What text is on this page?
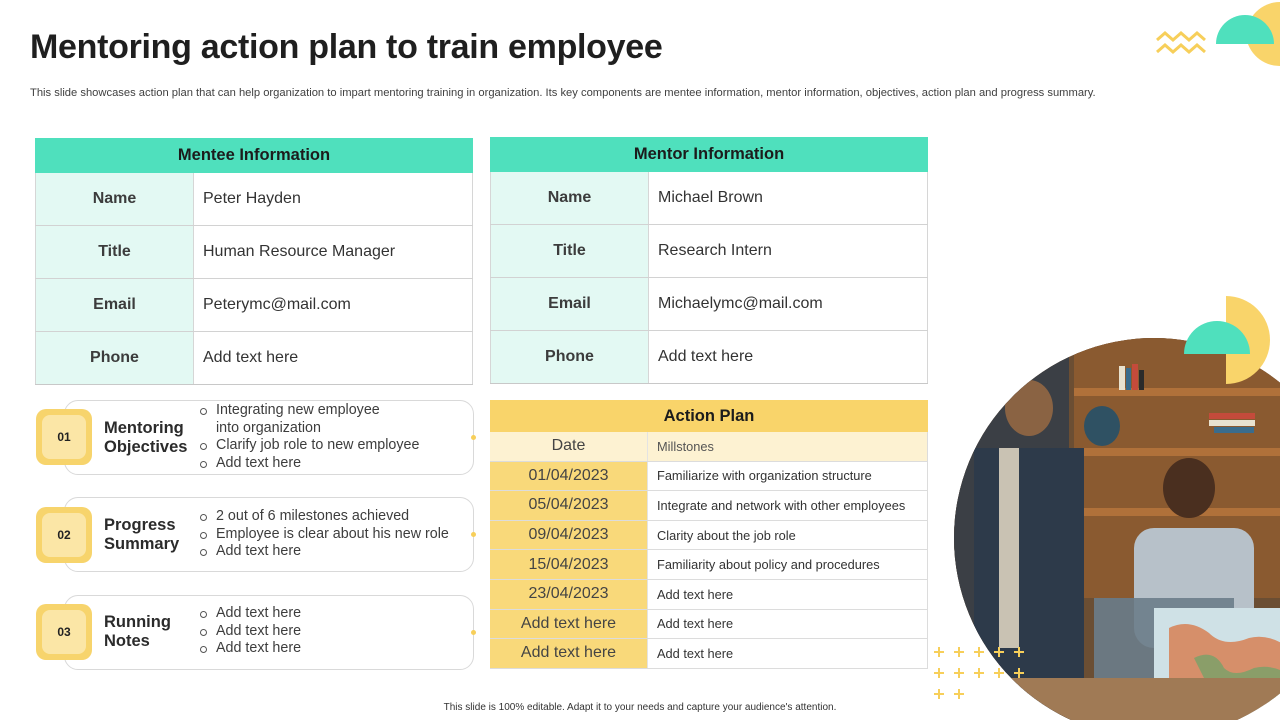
Mentoring action plan to train employee
This slide showcases action plan that can help organization to impart mentoring training in organization. Its key components are mentee information, mentor information, objectives, action plan and progress summary.
Mentee Information
Name	Peter Hayden
Title	Human Resource Manager
Email	Peterymc@mail.com
Phone	Add text here
Mentor Information
Name	Michael Brown
Title	Research Intern
Email	Michaelymc@mail.com
Phone	Add text here
01	Mentoring
Objectives
Integrating new employee
into organization
Clarify job role to new employee
Add text here
02
Progress
Summary
2 out of 6 milestones achieved
Employee is clear about his new role
Add text here
03
Running
Notes
Add text here
Add text here
Add text here
Action Plan
Date	Millstones
01/04/2023	Familiarize with organization structure
05/04/2023	Integrate and network with other employees
09/04/2023	Clarity about the job role
15/04/2023	Familiarity about policy and procedures
23/04/2023	Add text here
Add text here	Add text here
Add text here	Add text here
This slide is 100% editable. Adapt it to your needs and capture your audience's attention.
